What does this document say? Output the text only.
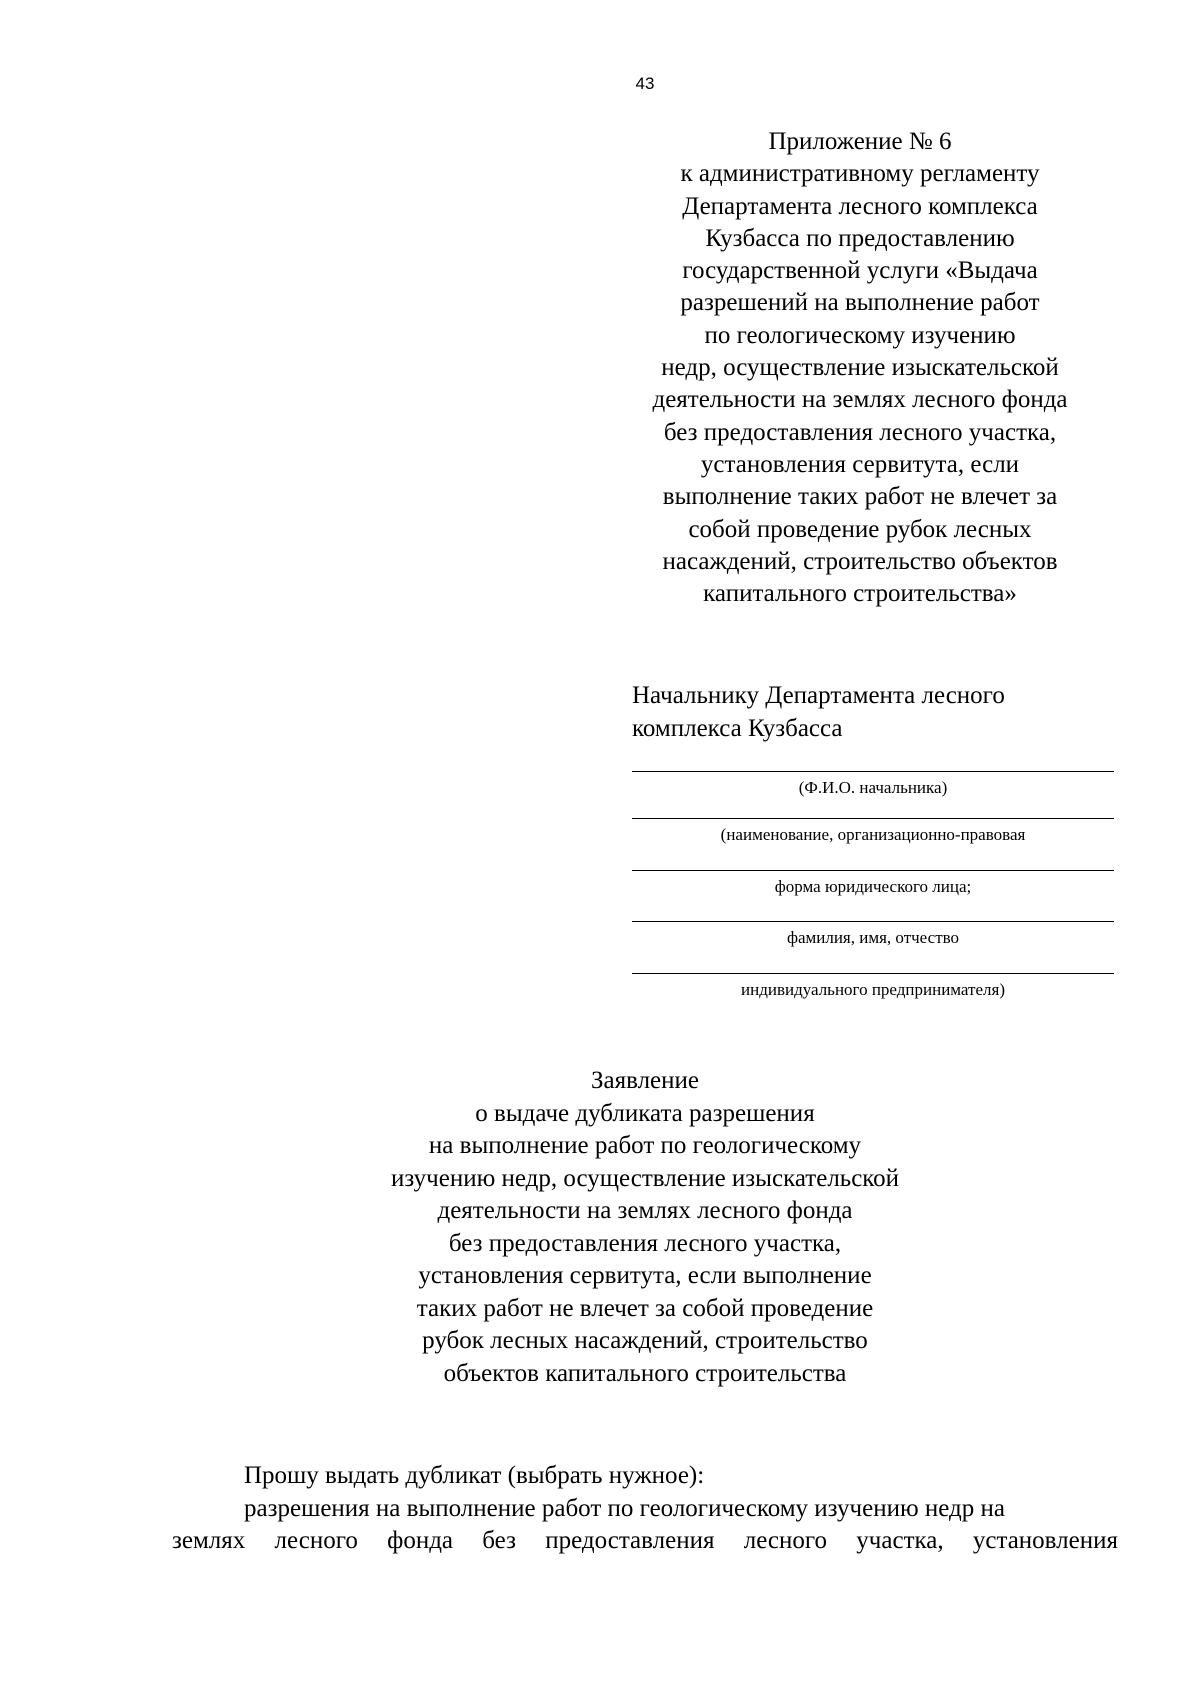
43
Приложение № 6
к административному регламенту
Департамента лесного комплекса
Кузбасса по предоставлению
государственной услуги «Выдача
разрешений на выполнение работ
по геологическому изучению
недр, осуществление изыскательской
деятельности на землях лесного фонда
без предоставления лесного участка,
установления сервитута, если
выполнение таких работ не влечет за
собой проведение рубок лесных
насаждений, строительство объектов
капитального строительства»
Начальнику Департамента лесного
комплекса Кузбасса
(Ф.И.О. начальника)
(наименование, организационно-правовая
форма юридического лица;
фамилия, имя, отчество
индивидуального предпринимателя)
Заявление
о выдаче дубликата разрешения
на выполнение работ по геологическому
изучению недр, осуществление изыскательской
деятельности на землях лесного фонда
без предоставления лесного участка,
установления сервитута, если выполнение
таких работ не влечет за собой проведение
рубок лесных насаждений, строительство
объектов капитального строительства
Прошу выдать дубликат (выбрать нужное):
разрешения на выполнение работ по геологическому изучению недр на
землях лесного фонда без предоставления лесного участка, установления
